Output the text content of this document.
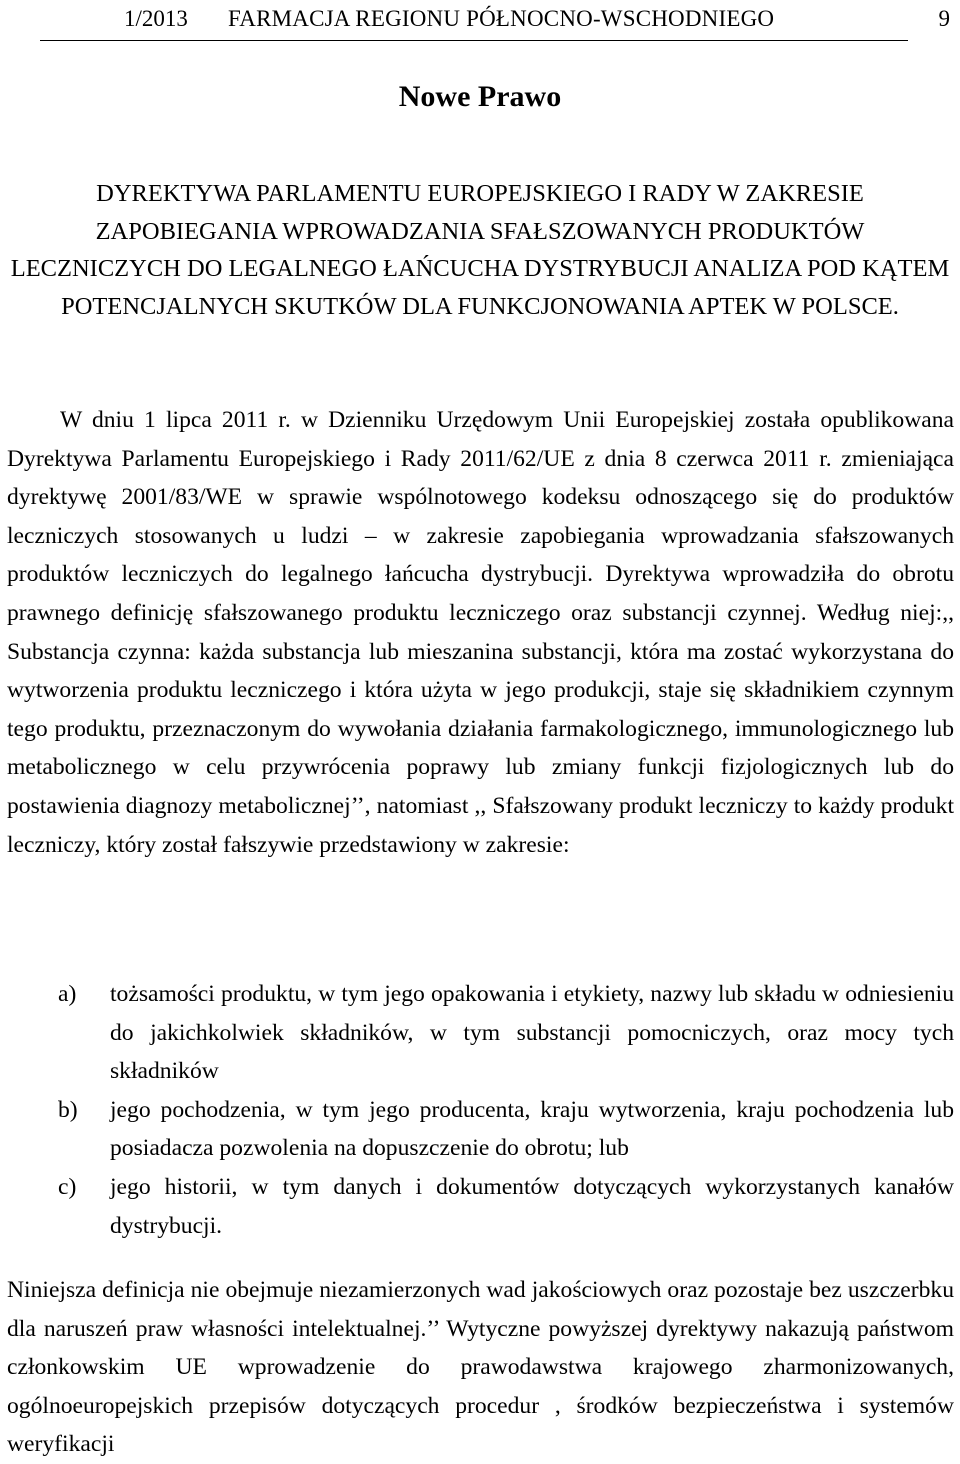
1/2013 FARMACJA REGIONU PÓŁNOCNO-WSCHODNIEGO	9
Nowe Prawo
DYREKTYWA PARLAMENTU EUROPEJSKIEGO I RADY W ZAKRESIE ZAPOBIEGANIA WPROWADZANIA SFAŁSZOWANYCH PRODUKTÓW LECZNICZYCH DO LEGALNEGO ŁAŃCUCHA DYSTRYBUCJI ANALIZA POD KĄTEM POTENCJALNYCH SKUTKÓW DLA FUNKCJONOWANIA APTEK W POLSCE.
W dniu 1 lipca 2011 r. w Dzienniku Urzędowym Unii Europejskiej została opublikowana Dyrektywa Parlamentu Europejskiego i Rady 2011/62/UE z dnia 8 czerwca 2011 r. zmieniająca dyrektywę 2001/83/WE w sprawie wspólnotowego kodeksu odnoszącego się do produktów leczniczych stosowanych u ludzi – w zakresie zapobiegania wprowadzania sfałszowanych produktów leczniczych do legalnego łańcucha dystrybucji. Dyrektywa wprowadziła do obrotu prawnego definicję sfałszowanego produktu leczniczego oraz substancji czynnej. Według niej:,, Substancja czynna: każda substancja lub mieszanina substancji, która ma zostać wykorzystana do wytworzenia produktu leczniczego i która użyta w jego produkcji, staje się składnikiem czynnym tego produktu, przeznaczonym do wywołania działania farmakologicznego, immunologicznego lub metabolicznego w celu przywrócenia poprawy lub zmiany funkcji fizjologicznych lub do postawienia diagnozy metabolicznej’’, natomiast ,, Sfałszowany produkt leczniczy to każdy produkt leczniczy, który został fałszywie przedstawiony w zakresie:
a) tożsamości produktu, w tym jego opakowania i etykiety, nazwy lub składu w odniesieniu do jakichkolwiek składników, w tym substancji pomocniczych, oraz mocy tych składników
b) jego pochodzenia, w tym jego producenta, kraju wytworzenia, kraju pochodzenia lub posiadacza pozwolenia na dopuszczenie do obrotu; lub
c) jego historii, w tym danych i dokumentów dotyczących wykorzystanych kanałów dystrybucji.
Niniejsza definicja nie obejmuje niezamierzonych wad jakościowych oraz pozostaje bez uszczerbku dla naruszeń praw własności intelektualnej.’’ Wytyczne powyższej dyrektywy nakazują państwom członkowskim UE wprowadzenie do prawodawstwa krajowego zharmonizowanych, ogólnoeuropejskich przepisów dotyczących procedur , środków bezpieczeństwa i systemów weryfikacji
